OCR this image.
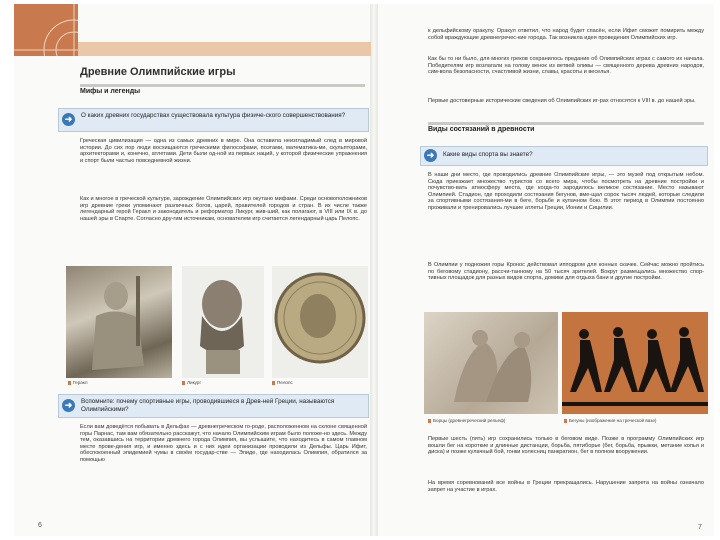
Древние Олимпийские игры
Мифы и легенды
➜	О каких древних государствах существовала культура физиче-ского совершенствования?
Греческая цивилизация — одна из самых древних в мире. Она оставила неизгладимый след в мировой истории. До сих пор люди восхищаются греческими философами, поэтами, математика-ми, скульпторами, архитекторами и, конечно, атлетами. Дети были од-ной из первых наций, у которой физические упражнения и спорт были частью повседневной жизни.
Как и многое в греческой культуре, зарождение Олимпийских игр окутано мифами. Среди основоположников игр древние греки упоминают различных богов, царей, правителей городов и стран. В их числе также легендарный герой Геракл и законодатель и реформатор Ликург, жив-ший, как полагают, в VIII или IX в. до нашей эры в Спарте. Согласно дру-гим источникам, основателем игр считается легендарный царь Пелопс.
Геракл	Ликург	Пелопс
➜	Вспомните: почему спортивные игры, проводившиеся в Древ-ней Греции, называются Олимпийскими?
Если вам доведётся побывать в Дельфах — древнегреческом го-роде, расположенном на склоне священной горы Парнас, там вам обязательно расскажут, что начало Олимпийским играм было положе-но здесь. Между тем, оказавшись на территории древнего города Олимпия, вы услышите, что находитесь в самом главном месте прове-дения игр, и именно здесь и с них идеи организации проводили из Дельфы. Царь Ифит, обеспокоенный эпидемией чумы в своём государ-стве — Элиде, где находилась Олимпия, обратился за помощью
6
к дельфийскому оракулу. Оракул ответил, что народ будет спасён, если Ифит сможет помирить между собой враждующие древнегречес-кие города. Так возникла идея проведения Олимпийских игр.
Как бы то ни было, для многих греков сохранилось предание об Олимпийских играх с самого их начала. Победителям игр возлагали на голову венок из ветвей оливы — священного дерева древних народов, сим-вола безопасности, счастливой жизни, славы, красоты и веселья.
Первые достоверные исторические сведения об Олимпийских иг-рах относятся к VIII в. до нашей эры.
Виды состязаний в древности
➜	Какие виды спорта вы знаете?
В наши дни место, где проводились древние Олимпийские игры, — это музей под открытым небом. Сюда приезжает множество туристов со всего мира, чтобы посмотреть на древние постройки и почувство-вать атмосферу места, где когда-то зародилось великое состязание. Место называют Олимпией. Стадион, где проходили состязания бегунов, вме-щал сорок тысяч людей, которые следили за спортивными состязания-ми в беге, борьбе и кулачном бою. В этот период в Олимпии постоянно проживали и тренировались лучшие атлеты Греции, Ионии и Сицилии.
В Олимпии у подножия горы Кронос действовал ипподром для конных скачек. Сейчас можно пройтись по беговому стадиону, рассчи-танному на 50 тысяч зрителей. Вокруг размещались множество спор-тивных площадок для разных видов спорта, домики для отдыха бани и другие постройки.
Борцы (древнегреческий рельеф)	Бегуны (изображение на греческой вазе)
Первые шесть (пять) игр сохранились только в беговом виде. Позже в программу Олимпийских игр вошли бег на короткие и длинные дистанции, борьба, пятиборье (бег, борьба, прыжки, метание копья и диска) и позже кулачный бой, гонки колесниц панкратион, бег в полном вооружении.
На время соревнований все войны в Греции прекращались. Нарушение запрета на войны означало запрет на участие в играх.
7
